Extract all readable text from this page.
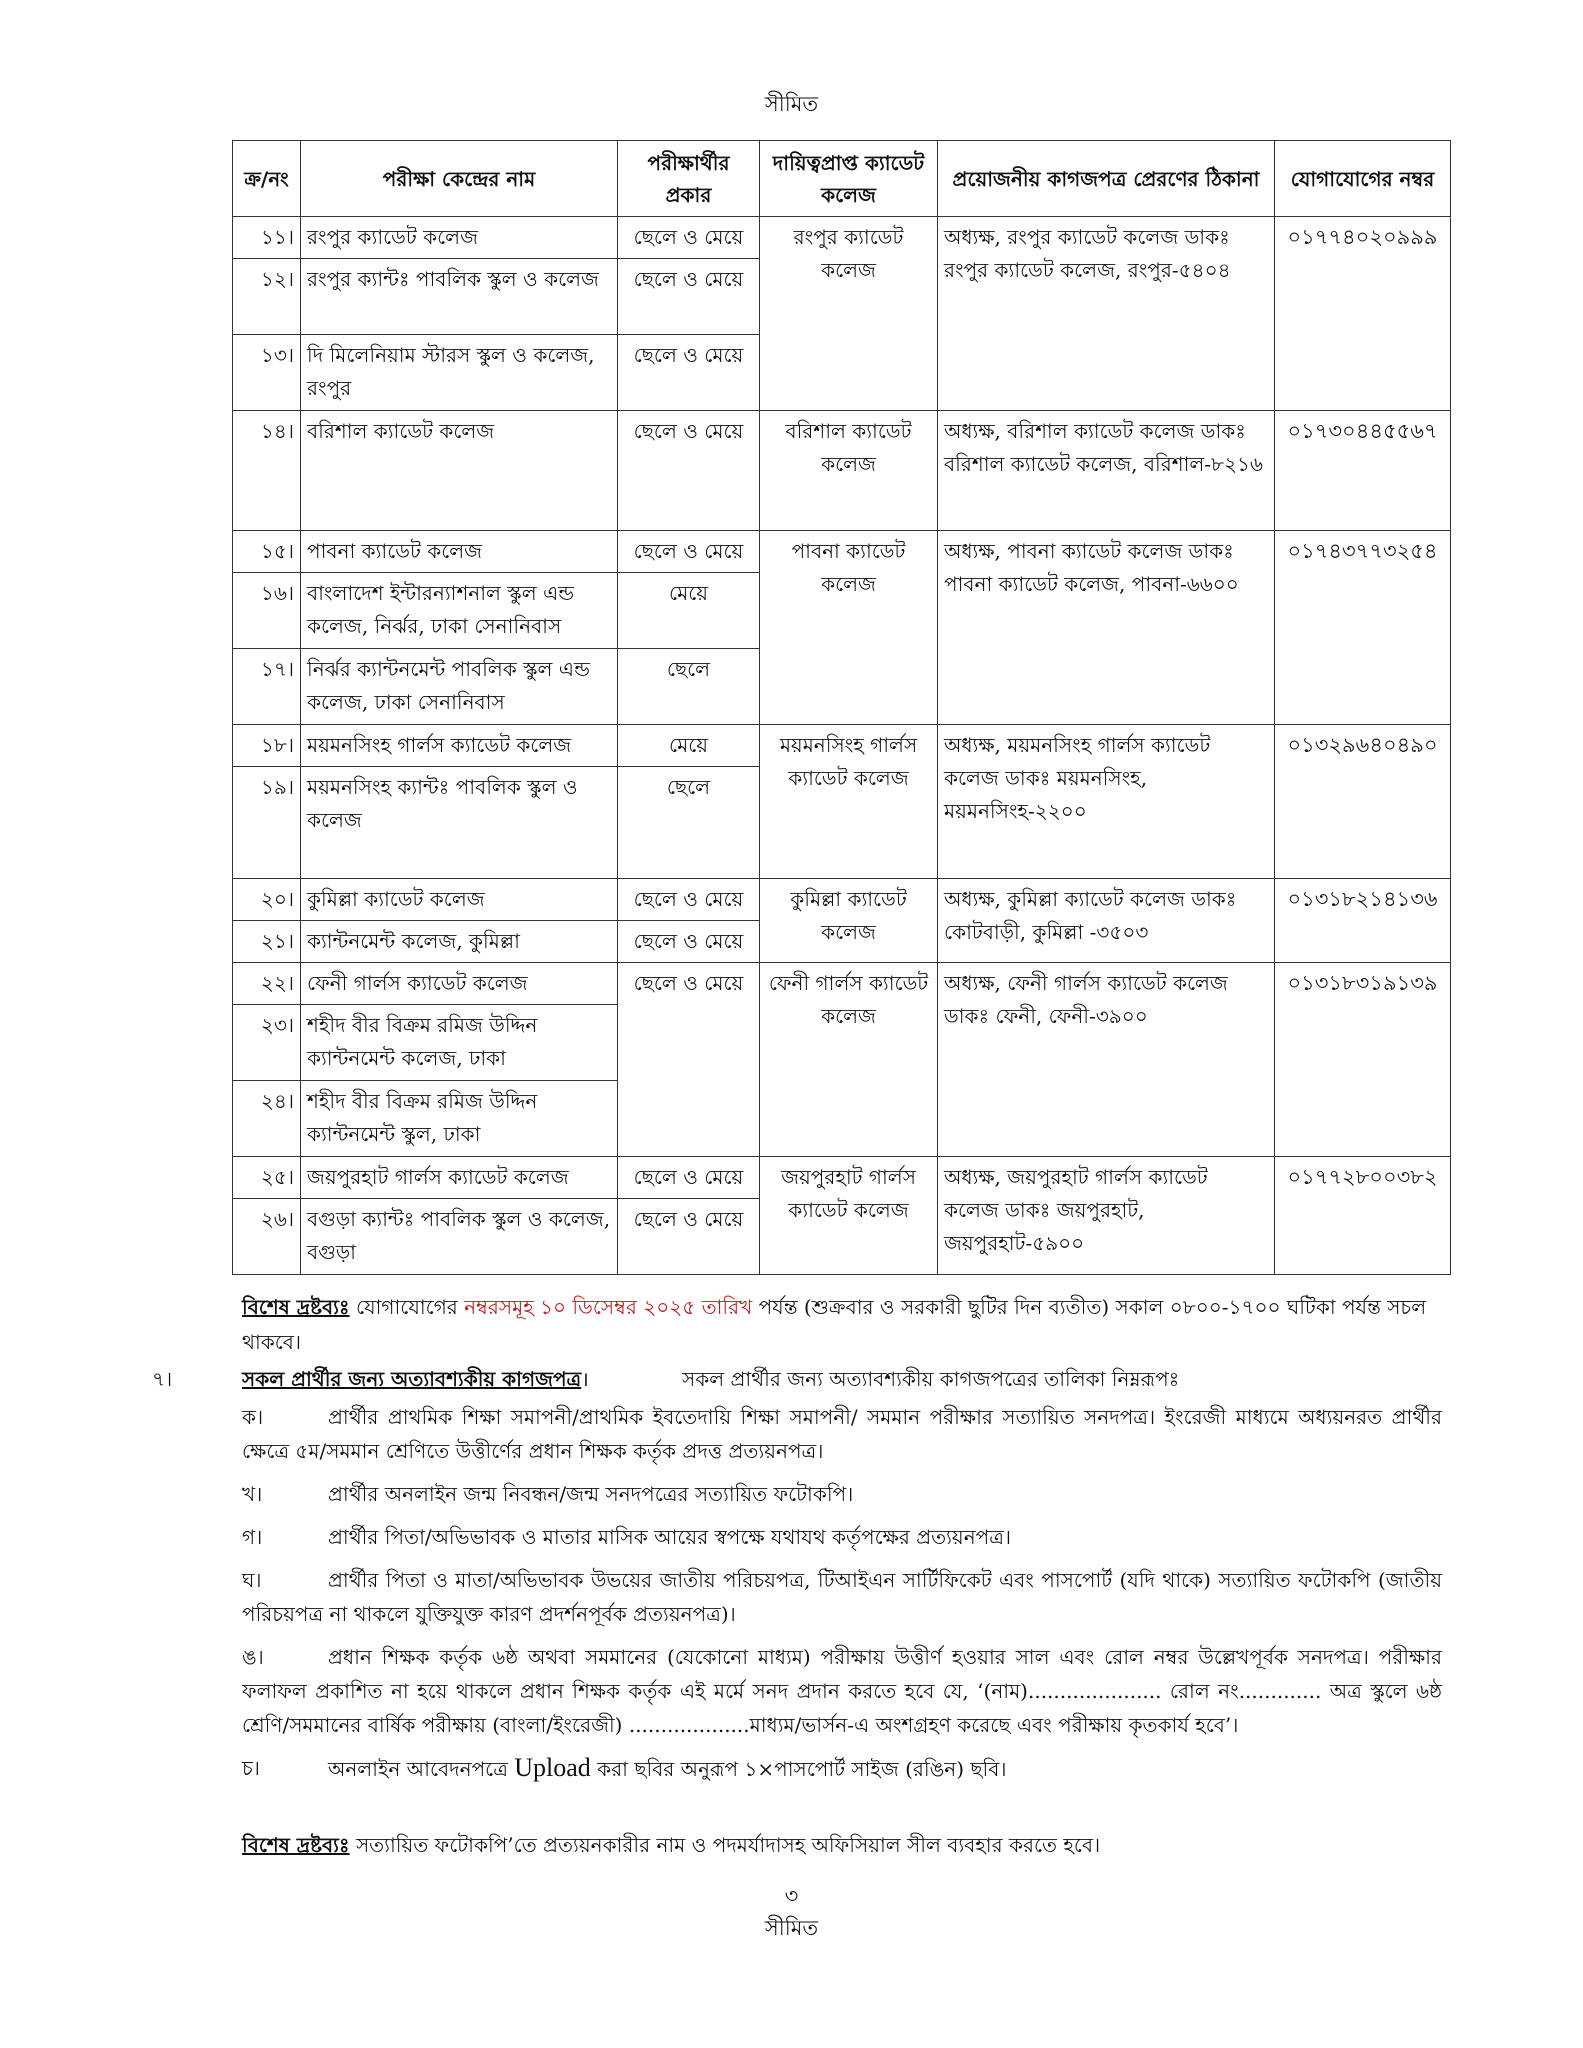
সীমিত
ক্র/নং	পরীক্ষা কেন্দ্রের নাম	পরীক্ষার্থীর প্রকার	দায়িত্বপ্রাপ্ত ক্যাডেট কলেজ	প্রয়োজনীয় কাগজপত্র প্রেরণের ঠিকানা	যোগাযোগের নম্বর
১১।	রংপুর ক্যাডেট কলেজ	ছেলে ও মেয়ে	রংপুর ক্যাডেট কলেজ	অধ্যক্ষ, রংপুর ক্যাডেট কলেজ ডাকঃ রংপুর ক্যাডেট কলেজ, রংপুর-৫৪০৪	০১৭৭৪০২০৯৯৯
১২।	রংপুর ক্যান্টঃ পাবলিক স্কুল ও কলেজ	ছেলে ও মেয়ে			
১৩।	দি মিলেনিয়াম স্টারস স্কুল ও কলেজ, রংপুর	ছেলে ও মেয়ে			
১৪।	বরিশাল ক্যাডেট কলেজ	ছেলে ও মেয়ে	বরিশাল ক্যাডেট কলেজ	অধ্যক্ষ, বরিশাল ক্যাডেট কলেজ ডাকঃ বরিশাল ক্যাডেট কলেজ, বরিশাল-৮২১৬	০১৭৩০৪৪৫৫৬৭
১৫।	পাবনা ক্যাডেট কলেজ	ছেলে ও মেয়ে	পাবনা ক্যাডেট কলেজ	অধ্যক্ষ, পাবনা ক্যাডেট কলেজ ডাকঃ পাবনা ক্যাডেট কলেজ, পাবনা-৬৬০০	০১৭৪৩৭৭৩২৫৪
১৬।	বাংলাদেশ ইন্টারন্যাশনাল স্কুল এন্ড কলেজ, নির্ঝর, ঢাকা সেনানিবাস	মেয়ে			
১৭।	নির্ঝর ক্যান্টনমেন্ট পাবলিক স্কুল এন্ড কলেজ, ঢাকা সেনানিবাস	ছেলে			
১৮।	ময়মনসিংহ গার্লস ক্যাডেট কলেজ	মেয়ে	ময়মনসিংহ গার্লস ক্যাডেট কলেজ	অধ্যক্ষ, ময়মনসিংহ গার্লস ক্যাডেট কলেজ ডাকঃ ময়মনসিংহ, ময়মনসিংহ-২২০০	০১৩২৯৬৪০৪৯০
১৯।	ময়মনসিংহ ক্যান্টঃ পাবলিক স্কুল ও কলেজ	ছেলে			
২০।	কুমিল্লা ক্যাডেট কলেজ	ছেলে ও মেয়ে	কুমিল্লা ক্যাডেট কলেজ	অধ্যক্ষ, কুমিল্লা ক্যাডেট কলেজ ডাকঃ কোটবাড়ী, কুমিল্লা -৩৫০৩	০১৩১৮২১৪১৩৬
২১।	ক্যান্টনমেন্ট কলেজ, কুমিল্লা	ছেলে ও মেয়ে			
২২।	ফেনী গার্লস ক্যাডেট কলেজ	ছেলে ও মেয়ে	ফেনী গার্লস ক্যাডেট কলেজ	অধ্যক্ষ, ফেনী গার্লস ক্যাডেট কলেজ ডাকঃ ফেনী, ফেনী-৩৯০০	০১৩১৮৩১৯১৩৯
২৩।	শহীদ বীর বিক্রম রমিজ উদ্দিন ক্যান্টনমেন্ট কলেজ, ঢাকা				
২৪।	শহীদ বীর বিক্রম রমিজ উদ্দিন ক্যান্টনমেন্ট স্কুল, ঢাকা				
২৫।	জয়পুরহাট গার্লস ক্যাডেট কলেজ	ছেলে ও মেয়ে	জয়পুরহাট গার্লস ক্যাডেট কলেজ	অধ্যক্ষ, জয়পুরহাট গার্লস ক্যাডেট কলেজ ডাকঃ জয়পুরহাট, জয়পুরহাট-৫৯০০	০১৭৭২৮০০৩৮২
২৬।	বগুড়া ক্যান্টঃ পাবলিক স্কুল ও কলেজ, বগুড়া	ছেলে ও মেয়ে			
বিশেষ দ্রষ্টব্যঃ যোগাযোগের নম্বরসমূহ ১০ ডিসেম্বর ২০২৫ তারিখ পর্যন্ত (শুক্রবার ও সরকারী ছুটির দিন ব্যতীত) সকাল ০৮০০-১৭০০ ঘটিকা পর্যন্ত সচল থাকবে।
৭।	সকল প্রার্থীর জন্য অত্যাবশ্যকীয় কাগজপত্র।	সকল প্রার্থীর জন্য অত্যাবশ্যকীয় কাগজপত্রের তালিকা নিম্নরূপঃ
ক।	প্রার্থীর প্রাথমিক শিক্ষা সমাপনী/প্রাথমিক ইবতেদায়ি শিক্ষা সমাপনী/ সমমান পরীক্ষার সত্যায়িত সনদপত্র। ইংরেজী মাধ্যমে অধ্যয়নরত প্রার্থীর ক্ষেত্রে ৫ম/সমমান শ্রেণিতে উত্তীর্ণের প্রধান শিক্ষক কর্তৃক প্রদত্ত প্রত্যয়নপত্র।
খ।	প্রার্থীর অনলাইন জন্ম নিবন্ধন/জন্ম সনদপত্রের সত্যায়িত ফটোকপি।
গ।	প্রার্থীর পিতা/অভিভাবক ও মাতার মাসিক আয়ের স্বপক্ষে যথাযথ কর্তৃপক্ষের প্রত্যয়নপত্র।
ঘ।	প্রার্থীর পিতা ও মাতা/অভিভাবক উভয়ের জাতীয় পরিচয়পত্র, টিআইএন সার্টিফিকেট এবং পাসপোর্ট (যদি থাকে) সত্যায়িত ফটোকপি (জাতীয় পরিচয়পত্র না থাকলে যুক্তিযুক্ত কারণ প্রদর্শনপূর্বক প্রত্যয়নপত্র)।
ঙ।	প্রধান শিক্ষক কর্তৃক ৬ষ্ঠ অথবা সমমানের (যেকোনো মাধ্যম) পরীক্ষায় উত্তীর্ণ হওয়ার সাল এবং রোল নম্বর উল্লেখপূর্বক সনদপত্র। পরীক্ষার ফলাফল প্রকাশিত না হয়ে থাকলে প্রধান শিক্ষক কর্তৃক এই মর্মে সনদ প্রদান করতে হবে যে, ‘(নাম)..................... রোল নং............. অত্র স্কুলে ৬ষ্ঠ শ্রেণি/সমমানের বার্ষিক পরীক্ষায় (বাংলা/ইংরেজী) ...................মাধ্যম/ভার্সন-এ অংশগ্রহণ করেছে এবং পরীক্ষায় কৃতকার্য হবে’।
চ।	অনলাইন আবেদনপত্রে Upload করা ছবির অনুরূপ ১×পাসপোর্ট সাইজ (রঙিন) ছবি।
বিশেষ দ্রষ্টব্যঃ সত্যায়িত ফটোকপি’তে প্রত্যয়নকারীর নাম ও পদমর্যাদাসহ অফিসিয়াল সীল ব্যবহার করতে হবে।
৩
সীমিত
